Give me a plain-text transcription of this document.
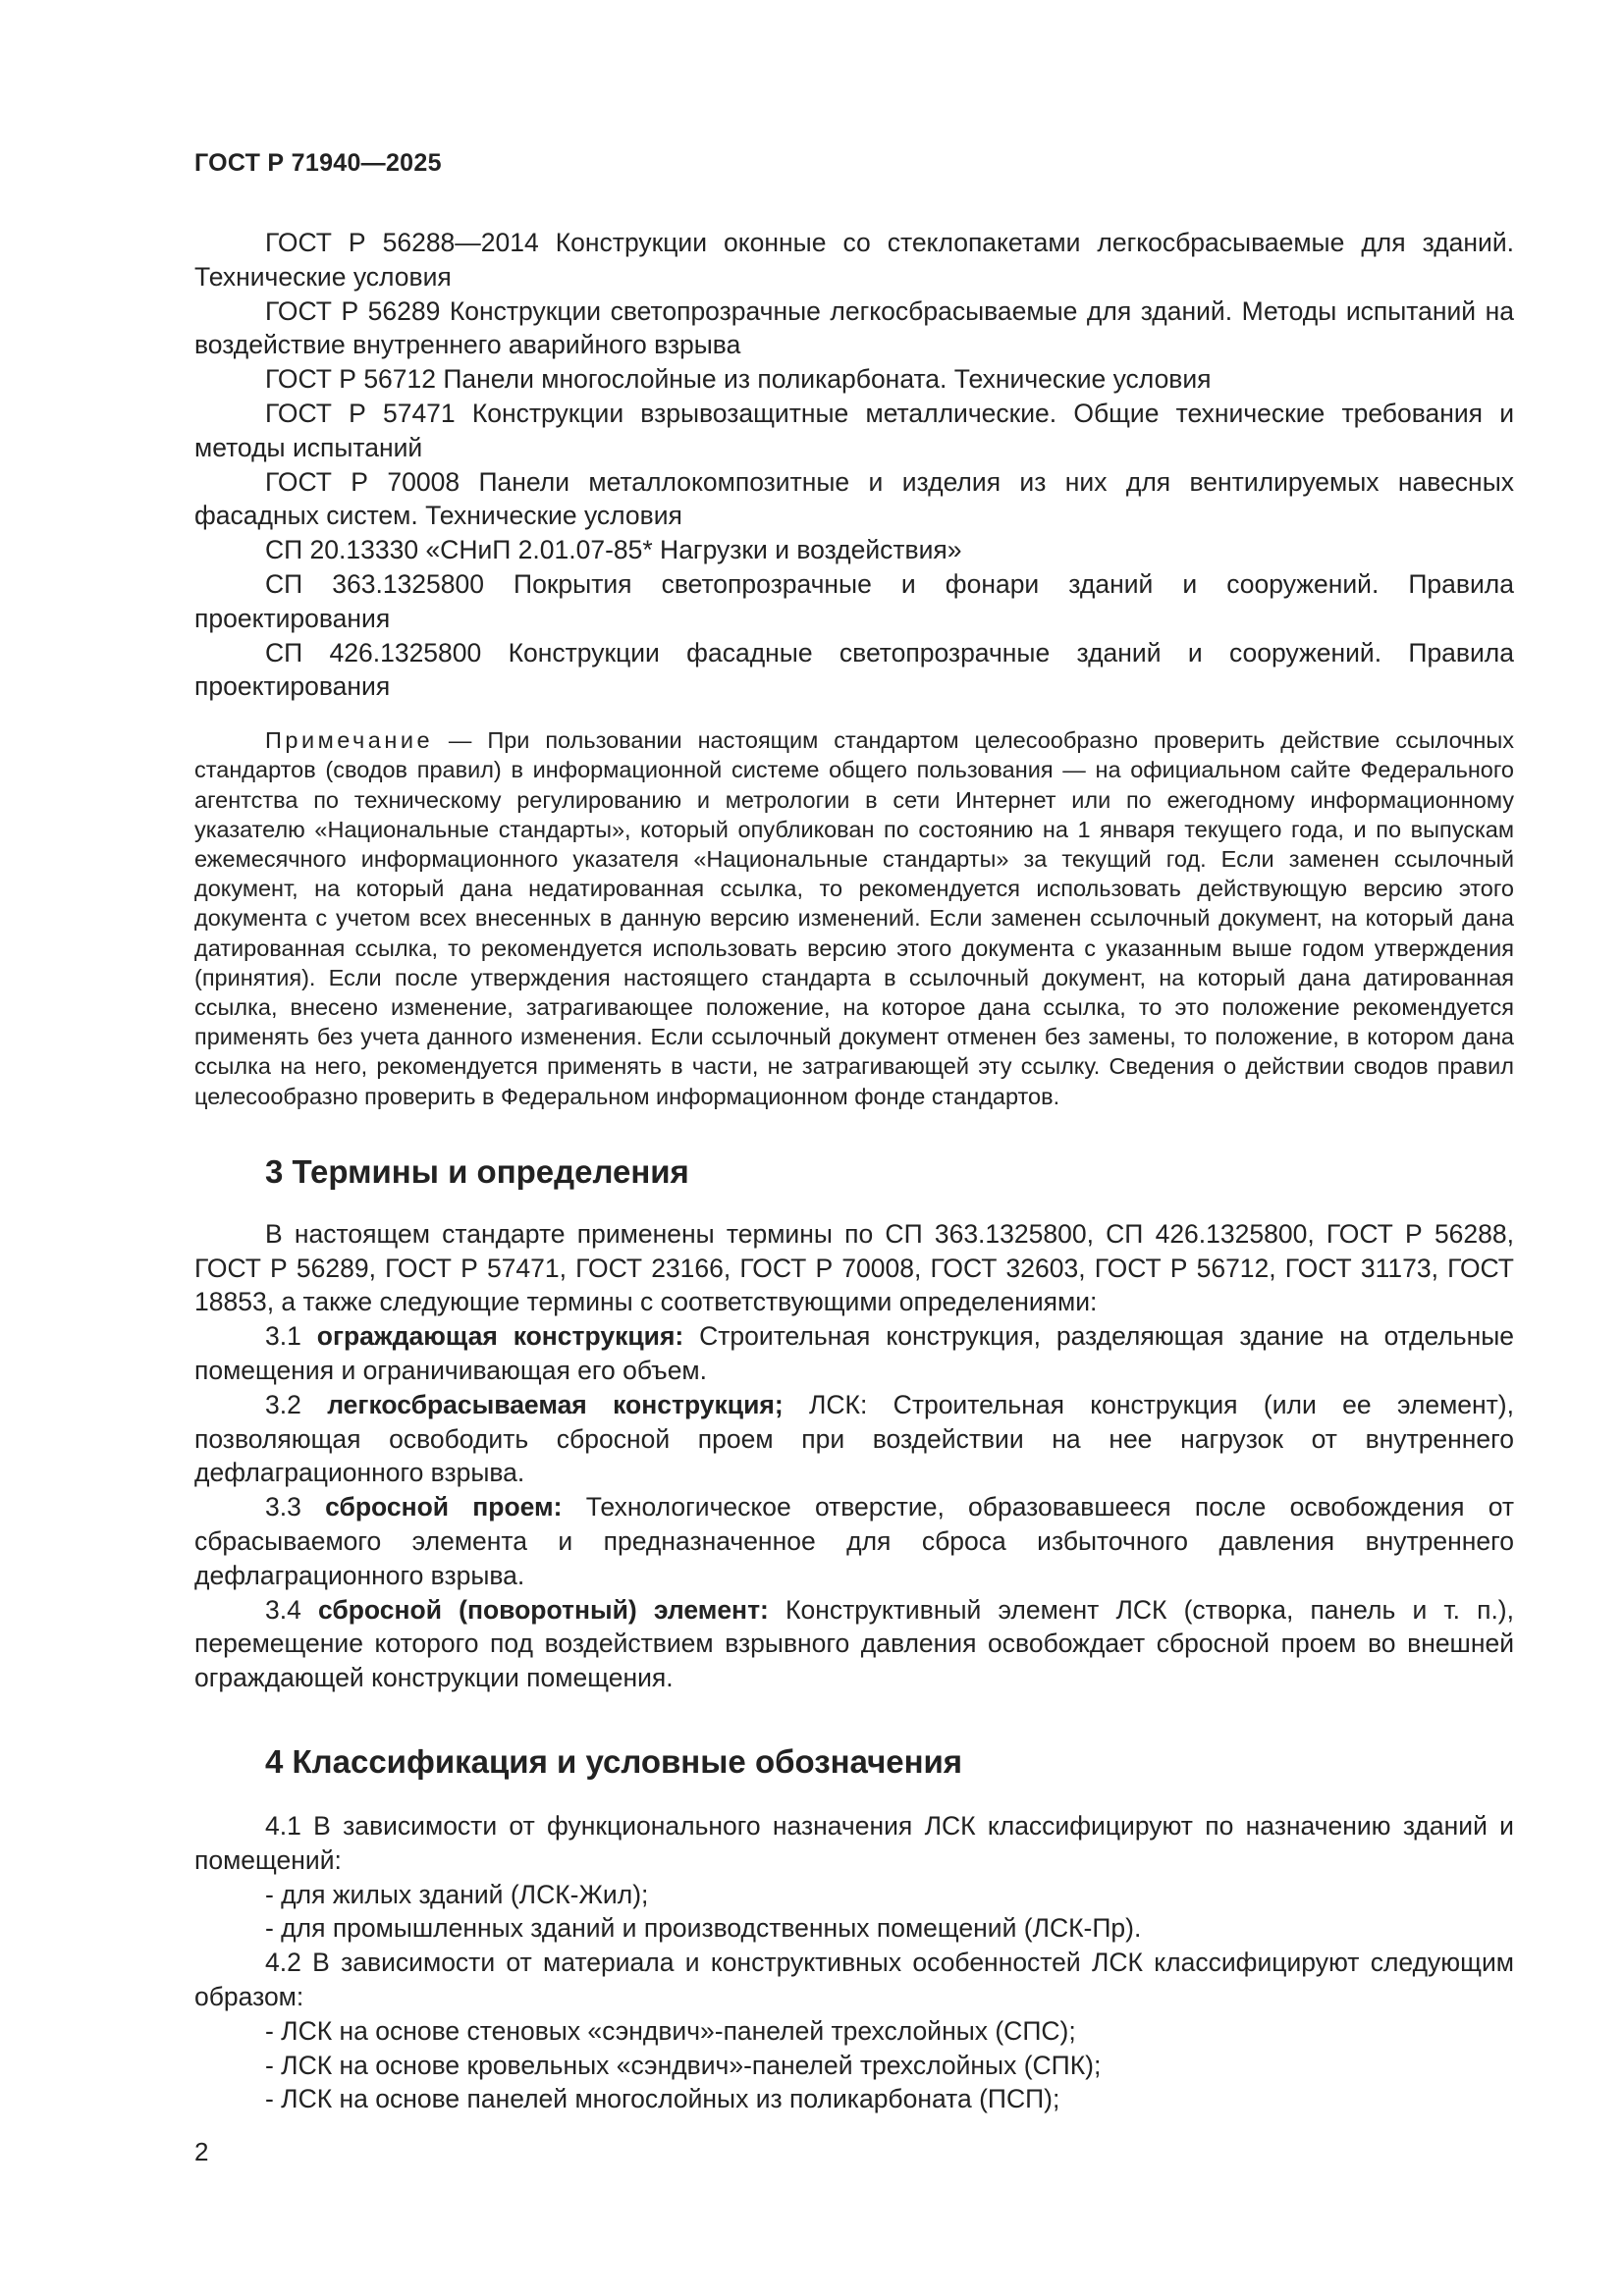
ГОСТ Р 71940—2025

ГОСТ Р 56288—2014 Конструкции оконные со стеклопакетами легкосбрасываемые для зданий. Технические условия

ГОСТ Р 56289 Конструкции светопрозрачные легкосбрасываемые для зданий. Методы испытаний на воздействие внутреннего аварийного взрыва

ГОСТ Р 56712 Панели многослойные из поликарбоната. Технические условия

ГОСТ Р 57471 Конструкции взрывозащитные металлические. Общие технические требования и методы испытаний

ГОСТ Р 70008 Панели металлокомпозитные и изделия из них для вентилируемых навесных фасадных систем. Технические условия

СП 20.13330 «СНиП 2.01.07-85* Нагрузки и воздействия»

СП 363.1325800 Покрытия светопрозрачные и фонари зданий и сооружений. Правила проектирования

СП 426.1325800 Конструкции фасадные светопрозрачные зданий и сооружений. Правила проектирования

Примечание — При пользовании настоящим стандартом целесообразно проверить действие ссылочных стандартов (сводов правил) в информационной системе общего пользования — на официальном сайте Федерального агентства по техническому регулированию и метрологии в сети Интернет или по ежегодному информационному указателю «Национальные стандарты», который опубликован по состоянию на 1 января текущего года, и по выпускам ежемесячного информационного указателя «Национальные стандарты» за текущий год. Если заменен ссылочный документ, на который дана недатированная ссылка, то рекомендуется использовать действующую версию этого документа с учетом всех внесенных в данную версию изменений. Если заменен ссылочный документ, на который дана датированная ссылка, то рекомендуется использовать версию этого документа с указанным выше годом утверждения (принятия). Если после утверждения настоящего стандарта в ссылочный документ, на который дана датированная ссылка, внесено изменение, затрагивающее положение, на которое дана ссылка, то это положение рекомендуется применять без учета данного изменения. Если ссылочный документ отменен без замены, то положение, в котором дана ссылка на него, рекомендуется применять в части, не затрагивающей эту ссылку. Сведения о действии сводов правил целесообразно проверить в Федеральном информационном фонде стандартов.

3 Термины и определения

В настоящем стандарте применены термины по СП 363.1325800, СП 426.1325800, ГОСТ Р 56288, ГОСТ Р 56289, ГОСТ Р 57471, ГОСТ 23166, ГОСТ Р 70008, ГОСТ 32603, ГОСТ Р 56712, ГОСТ 31173, ГОСТ 18853, а также следующие термины с соответствующими определениями:

3.1 ограждающая конструкция: Строительная конструкция, разделяющая здание на отдельные помещения и ограничивающая его объем.

3.2 легкосбрасываемая конструкция; ЛСК: Строительная конструкция (или ее элемент), позволяющая освободить сбросной проем при воздействии на нее нагрузок от внутреннего дефлаграционного взрыва.

3.3 сбросной проем: Технологическое отверстие, образовавшееся после освобождения от сбрасываемого элемента и предназначенное для сброса избыточного давления внутреннего дефлаграционного взрыва.

3.4 сбросной (поворотный) элемент: Конструктивный элемент ЛСК (створка, панель и т. п.), перемещение которого под воздействием взрывного давления освобождает сбросной проем во внешней ограждающей конструкции помещения.

4 Классификация и условные обозначения

4.1 В зависимости от функционального назначения ЛСК классифицируют по назначению зданий и помещений:

- для жилых зданий (ЛСК-Жил);

- для промышленных зданий и производственных помещений (ЛСК-Пр).

4.2 В зависимости от материала и конструктивных особенностей ЛСК классифицируют следующим образом:

- ЛСК на основе стеновых «сэндвич»-панелей трехслойных (СПС);

- ЛСК на основе кровельных «сэндвич»-панелей трехслойных (СПК);

- ЛСК на основе панелей многослойных из поликарбоната (ПСП);

2
